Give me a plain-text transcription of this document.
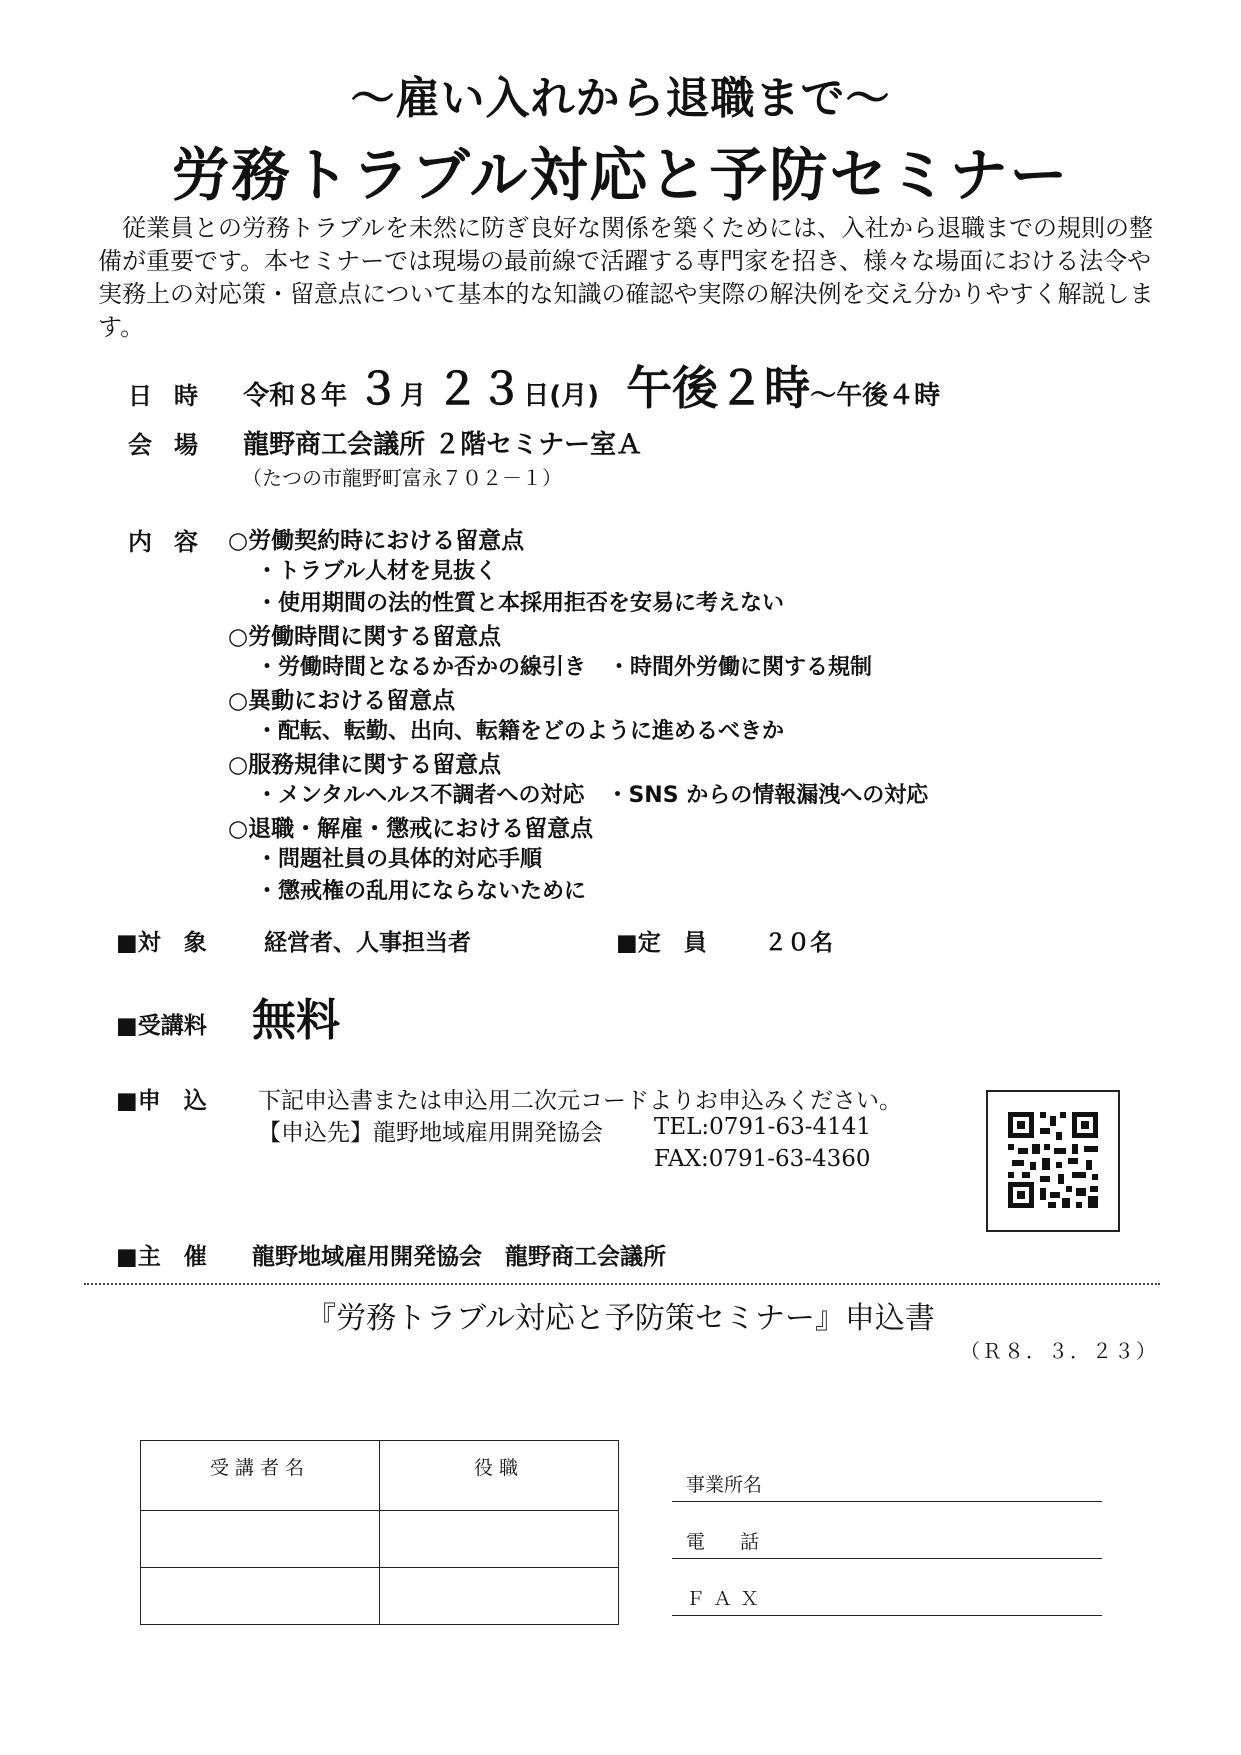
～雇い入れから退職まで～
労務トラブル対応と予防セミナー
従業員との労務トラブルを未然に防ぎ良好な関係を築くためには、入社から退職までの規則の整備が重要です。本セミナーでは現場の最前線で活躍する専門家を招き、様々な場面における法令や実務上の対応策・留意点について基本的な知識の確認や実際の解決例を交え分かりやすく解説します。
日時 令和８年 ３月 ２３日(月) 午後２時～午後４時
会場 龍野商工会議所 ２階セミナー室Ａ
（たつの市龍野町富永７０２－１）
内容 ○労働契約時における留意点
・トラブル人材を見抜く
・使用期間の法的性質と本採用拒否を安易に考えない
○労働時間に関する留意点
・労働時間となるか否かの線引き　・時間外労働に関する規制
○異動における留意点
・配転、転勤、出向、転籍をどのように進めるべきか
○服務規律に関する留意点
・メンタルヘルス不調者への対応　・SNS からの情報漏洩への対応
○退職・解雇・懲戒における留意点
・問題社員の具体的対応手順
・懲戒権の乱用にならないために
■対　象 経営者、人事担当者	■定　員 ２０名
■受講料 無料
■申　込 下記申込書または申込用二次元コードよりお申込みください。
【申込先】龍野地域雇用開発協会 TEL:0791-63-4141
FAX:0791-63-4360
■主　催 龍野地域雇用開発協会　龍野商工会議所
『労務トラブル対応と予防策セミナー』申込書
（Ｒ８．３．２３）
受講者名	役職

事業所名
電　話
ＦＡＸ
